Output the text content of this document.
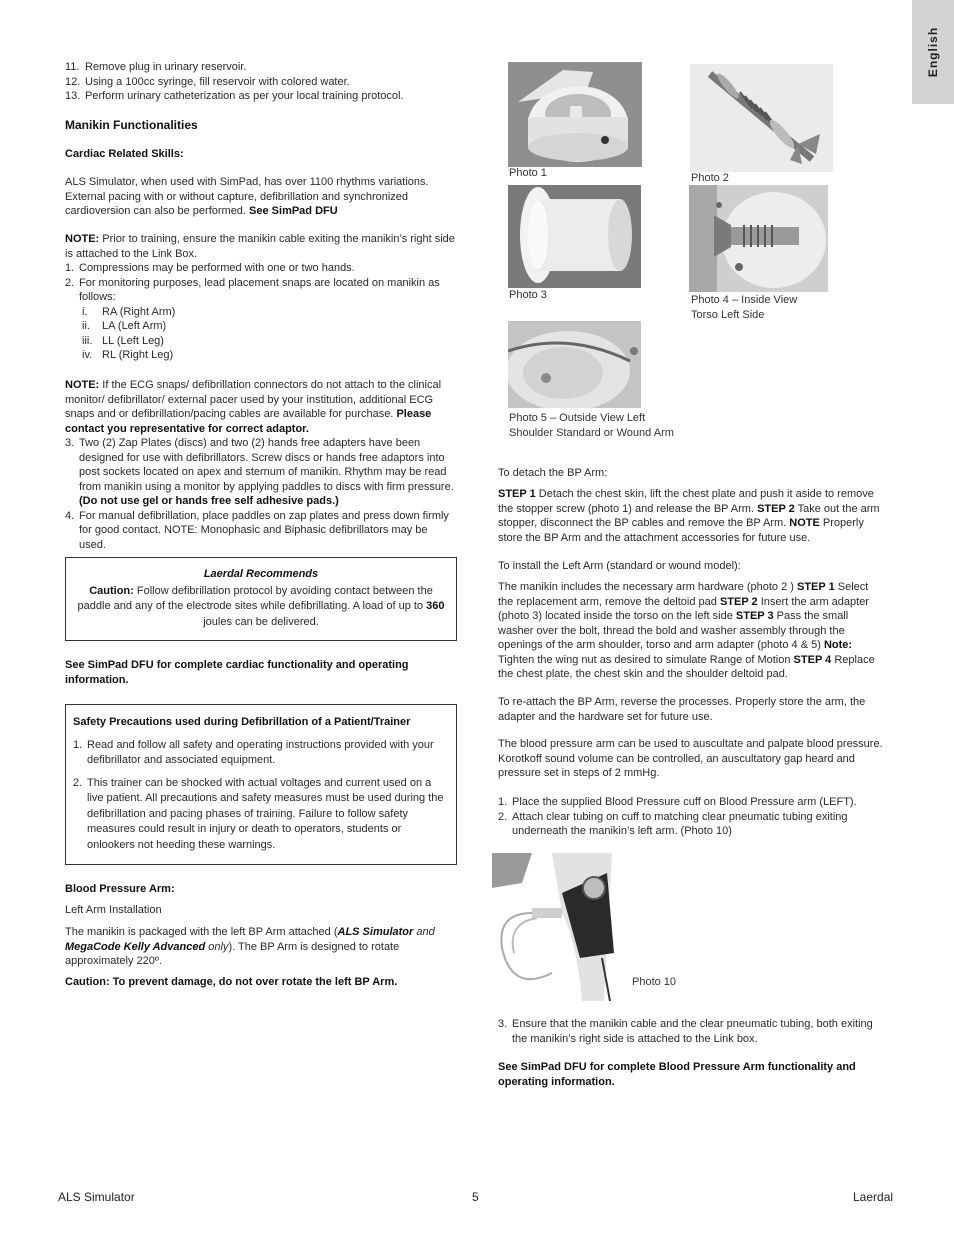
English
11. Remove plug in urinary reservoir.
12. Using a 100cc syringe, fill reservoir with colored water.
13. Perform urinary catheterization as per your local training protocol.

Manikin Functionalities

Cardiac Related Skills:

ALS Simulator, when used with SimPad, has over 1100 rhythms variations. External pacing with or without capture, defibrillation and synchronized cardioversion can also be performed. See SimPad DFU

NOTE: Prior to training, ensure the manikin cable exiting the manikin’s right side is attached to the Link Box.

1. Compressions may be performed with one or two hands.
2. For monitoring purposes, lead placement snaps are located on manikin as follows:
i. RA (Right Arm)
ii. LA (Left Arm)
iii. LL (Left Leg)
iv. RL (Right Leg)

NOTE: If the ECG snaps/ defibrillation connectors do not attach to the clinical monitor/ defibrillator/ external pacer used by your institution, additional ECG snaps and or defibrillation/pacing cables are available for purchase. Please contact you representative for correct adaptor.

3. Two (2) Zap Plates (discs) and two (2) hands free adapters have been designed for use with defibrillators. Screw discs or hands free adaptors into post sockets located on apex and sternum of manikin. Rhythm may be read from manikin using a monitor by applying paddles to discs with firm pressure. (Do not use gel or hands free self adhesive pads.)
4. For manual defibrillation, place paddles on zap plates and press down firmly for good contact. NOTE: Monophasic and Biphasic defibrillators may be used.

Laerdal Recommends

Caution: Follow defibrillation protocol by avoiding contact between the paddle and any of the electrode sites while defibrillating. A load of up to 360 joules can be delivered.

See SimPad DFU for complete cardiac functionality and operating information.

Safety Precautions used during Defibrillation of a Patient/Trainer

1. Read and follow all safety and operating instructions provided with your defibrillator and associated equipment.
2. This trainer can be shocked with actual voltages and current used on a live patient. All precautions and safety measures must be used during the defibrillation and pacing phases of training. Failure to follow safety measures could result in injury or death to operators, students or onlookers not heeding these warnings.

Blood Pressure Arm:

Left Arm Installation

The manikin is packaged with the left BP Arm attached (ALS Simulator and MegaCode Kelly Advanced only). The BP Arm is designed to rotate approximately 220º.

Caution: To prevent damage, do not over rotate the left BP Arm.

Photo 1	Photo 2
Photo 3	Photo 4 – Inside View
Torso Left Side
Photo 5 – Outside View Left
Shoulder Standard or Wound Arm

To detach the BP Arm:

STEP 1 Detach the chest skin, lift the chest plate and push it aside to remove the stopper screw (photo 1) and release the BP Arm. STEP 2 Take out the arm stopper, disconnect the BP cables and remove the BP Arm. NOTE Properly store the BP Arm and the attachment accessories for future use.

To install the Left Arm (standard or wound model):

The manikin includes the necessary arm hardware (photo 2 ) STEP 1 Select the replacement arm, remove the deltoid pad STEP 2 Insert the arm adapter (photo 3) located inside the torso on the left side STEP 3 Pass the small washer over the bolt, thread the bold and washer assembly through the openings of the arm shoulder, torso and arm adapter (photo 4 & 5) Note: Tighten the wing nut as desired to simulate Range of Motion STEP 4 Replace the chest plate, the chest skin and the shoulder deltoid pad.

To re-attach the BP Arm, reverse the processes. Properly store the arm, the adapter and the hardware set for future use.

The blood pressure arm can be used to auscultate and palpate blood pressure. Korotkoff sound volume can be controlled, an auscultatory gap heard and pressure set in steps of 2 mmHg.

1. Place the supplied Blood Pressure cuff on Blood Pressure arm (LEFT).
2. Attach clear tubing on cuff to matching clear pneumatic tubing exiting underneath the manikin’s left arm. (Photo 10)
Photo 10
3. Ensure that the manikin cable and the clear pneumatic tubing, both exiting the manikin’s right side is attached to the Link box.

See SimPad DFU for complete Blood Pressure Arm functionality and operating information.

ALS Simulator	5	Laerdal
